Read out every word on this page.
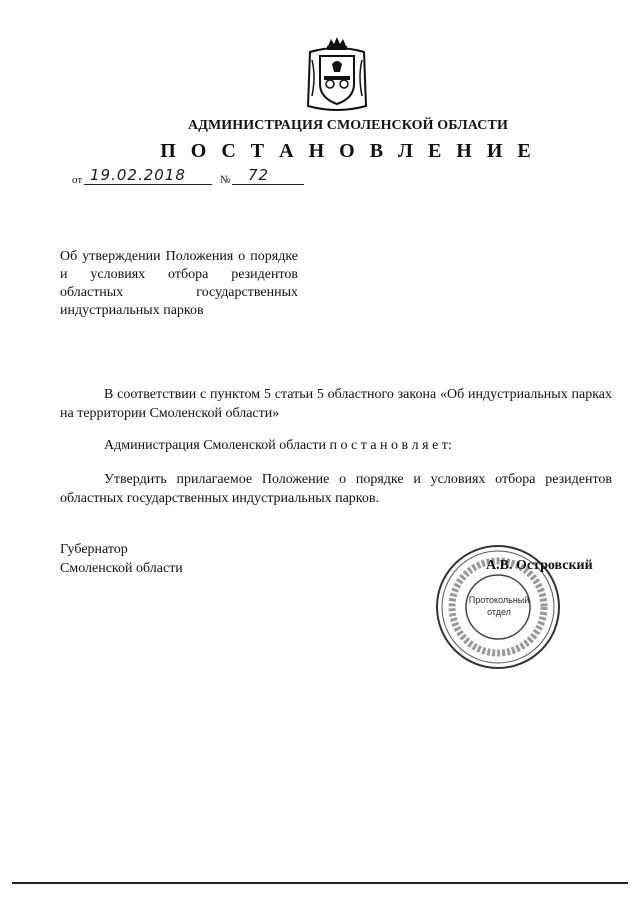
АДМИНИСТРАЦИЯ СМОЛЕНСКОЙ ОБЛАСТИ
П О С Т А Н О В Л Е Н И Е
от 19.02.2018	№ 72
Об утверждении Положения о порядке и условиях отбора резидентов областных государственных индустриальных парков

В соответствии с пунктом 5 статьи 5 областного закона «Об индустриальных парках на территории Смоленской области»

Администрация Смоленской области п о с т а н о в л я е т:

Утвердить прилагаемое Положение о порядке и условиях отбора резидентов областных государственных индустриальных парков.

Губернатор
Смоленской области	А.В. Островский
Протокольный
отдел
